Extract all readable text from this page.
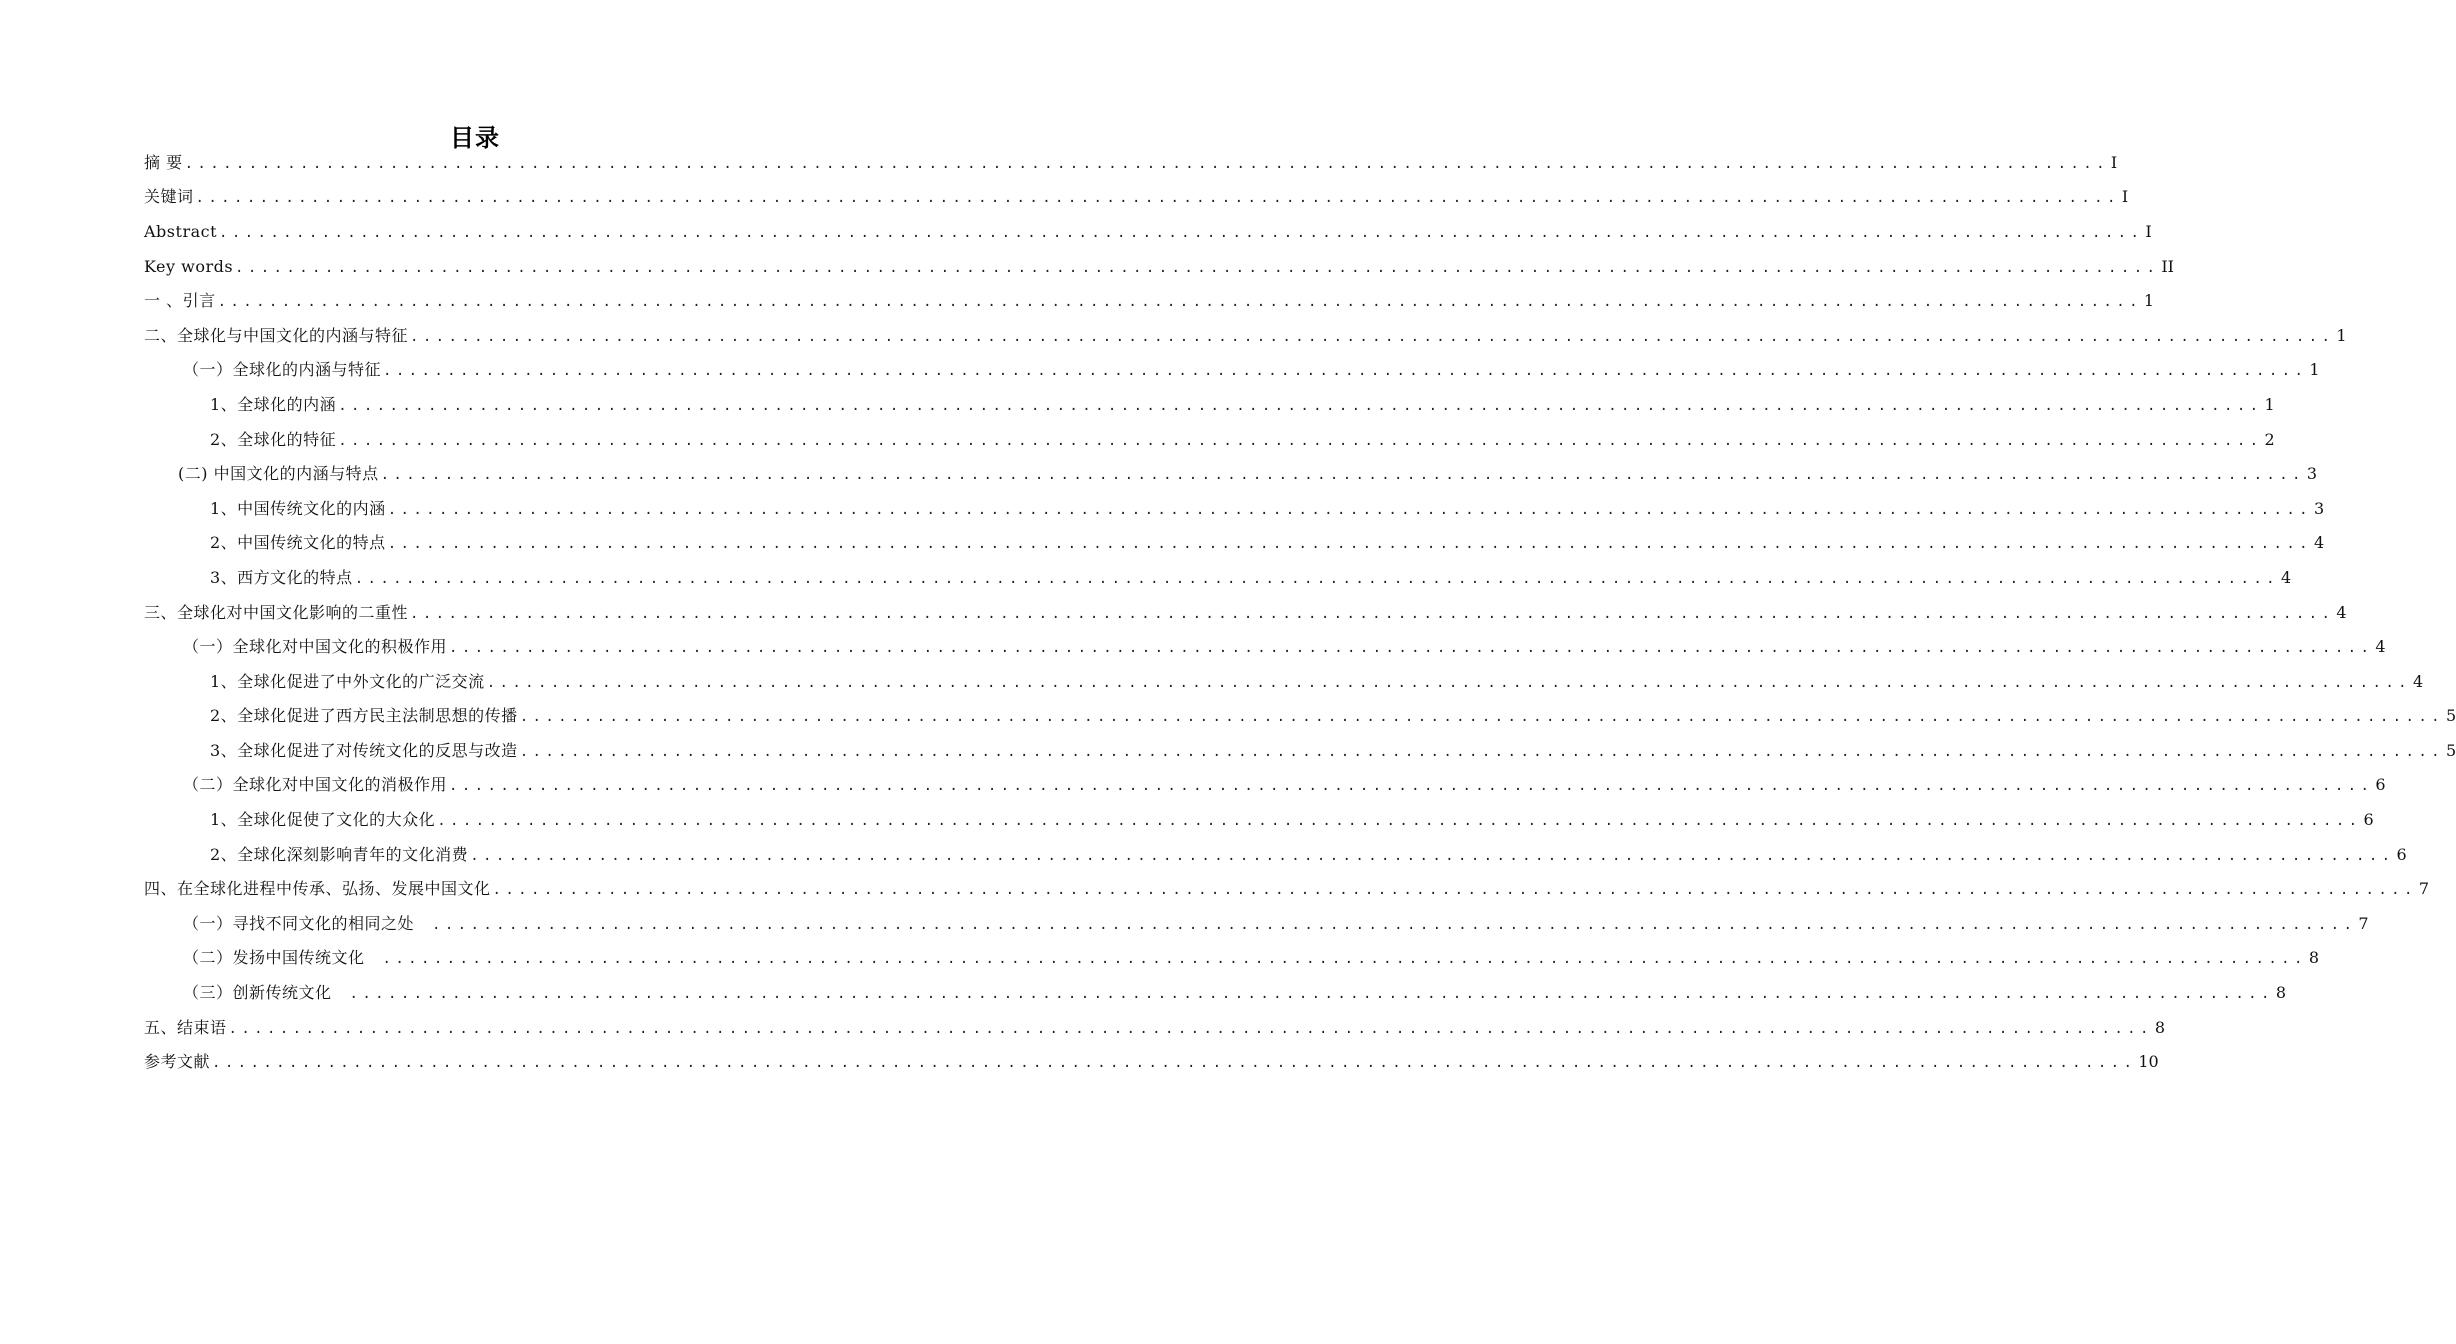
目录
摘 要 ...................................................................................................................................................... I
关键词 ...................................................................................................................................................... I
Abstract ...................................................................................................................................................... I
Key words ...................................................................................................................................................... II
一 、引言 ...................................................................................................................................................... 1
二、全球化与中国文化的内涵与特征 ...................................................................................................................................................... 1
（一）全球化的内涵与特征 ...................................................................................................................................................... 1
1、全球化的内涵 ...................................................................................................................................................... 1
2、全球化的特征 ...................................................................................................................................................... 2
(二) 中国文化的内涵与特点 ...................................................................................................................................................... 3
1、中国传统文化的内涵 ...................................................................................................................................................... 3
2、中国传统文化的特点 ...................................................................................................................................................... 4
3、西方文化的特点 ...................................................................................................................................................... 4
三、全球化对中国文化影响的二重性 ...................................................................................................................................................... 4
（一）全球化对中国文化的积极作用 ...................................................................................................................................................... 4
1、全球化促进了中外文化的广泛交流 ...................................................................................................................................................... 4
2、全球化促进了西方民主法制思想的传播 ...................................................................................................................................................... 5
3、全球化促进了对传统文化的反思与改造 ...................................................................................................................................................... 5
（二）全球化对中国文化的消极作用 ...................................................................................................................................................... 6
1、全球化促使了文化的大众化 ...................................................................................................................................................... 6
2、全球化深刻影响青年的文化消费 ...................................................................................................................................................... 6
四、在全球化进程中传承、弘扬、发展中国文化 ...................................................................................................................................................... 7
（一）寻找不同文化的相同之处 ...................................................................................................................................................... 7
（二）发扬中国传统文化 ...................................................................................................................................................... 8
（三）创新传统文化 ...................................................................................................................................................... 8
五、结束语 ...................................................................................................................................................... 8
参考文献 ...................................................................................................................................................... 10
